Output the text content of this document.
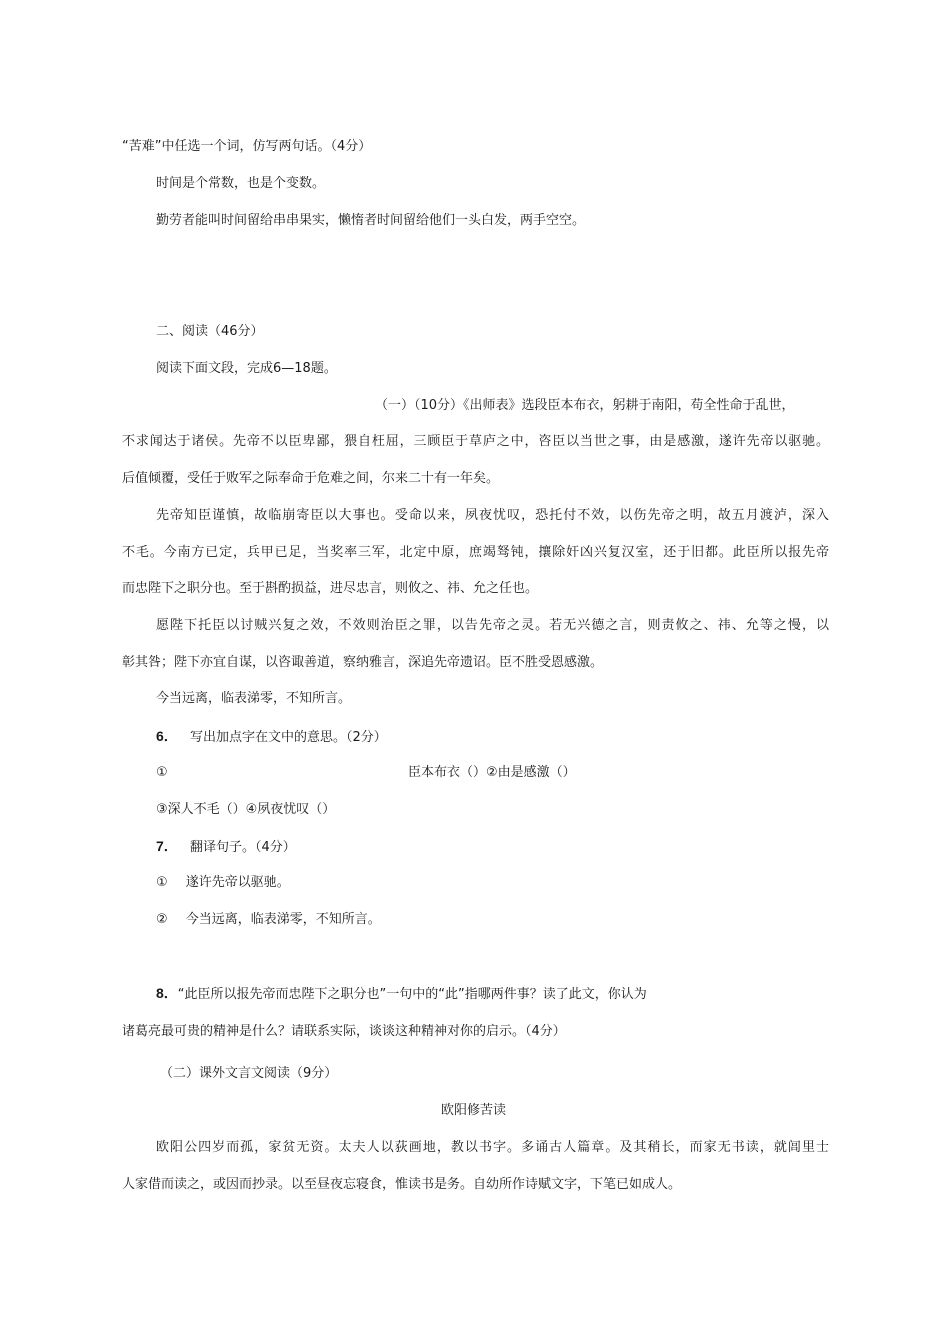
“苦难”中任选一个词，仿写两句话。（4分）
时间是个常数，也是个变数。
勤劳者能叫时间留给串串果实，懒惰者时间留给他们一头白发，两手空空。
二、阅读（46分）
阅读下面文段，完成6—18题。
（一）（10分）《出师表》选段臣本布衣，躬耕于南阳，苟全性命于乱世，
不求闻达于诸侯。先帝不以臣卑鄙，猥自枉屈，三顾臣于草庐之中，咨臣以当世之事，由是感激，遂许先帝以驱驰。
后值倾覆，受任于败军之际奉命于危难之间，尔来二十有一年矣。
先帝知臣谨慎，故临崩寄臣以大事也。受命以来，夙夜忧叹，恐托付不效，以伤先帝之明，故五月渡泸，深入
不毛。今南方已定，兵甲已足，当奖率三军，北定中原，庶竭驽钝，攘除奸凶兴复汉室，还于旧都。此臣所以报先帝
而忠陛下之职分也。至于斟酌损益，进尽忠言，则攸之、祎、允之任也。
愿陛下托臣以讨贼兴复之效，不效则治臣之罪，以告先帝之灵。若无兴德之言，则责攸之、祎、允等之慢，以
彰其咎；陛下亦宜自谋，以咨诹善道，察纳雅言，深追先帝遗诏。臣不胜受恩感激。
今当远离，临表涕零，不知所言。
6． 写出加点字在文中的意思。（2分）
①	臣本布衣（）②由是感激（）
③深人不毛（）④夙夜忧叹（）
7． 翻译句子。（4分）
① 遂许先帝以驱驰。
② 今当远离，临表涕零，不知所言。
8．“此臣所以报先帝而忠陛下之职分也”一句中的“此”指哪两件事？读了此文，你认为
诸葛亮最可贵的精神是什么？请联系实际，谈谈这种精神对你的启示。（4分）
（二）课外文言文阅读（9分）
欧阳修苦读
欧阳公四岁而孤，家贫无资。太夫人以荻画地，教以书字。多诵古人篇章。及其稍长，而家无书读，就闾里士
人家借而读之，或因而抄录。以至昼夜忘寝食，惟读书是务。自幼所作诗赋文字，下笔已如成人。
